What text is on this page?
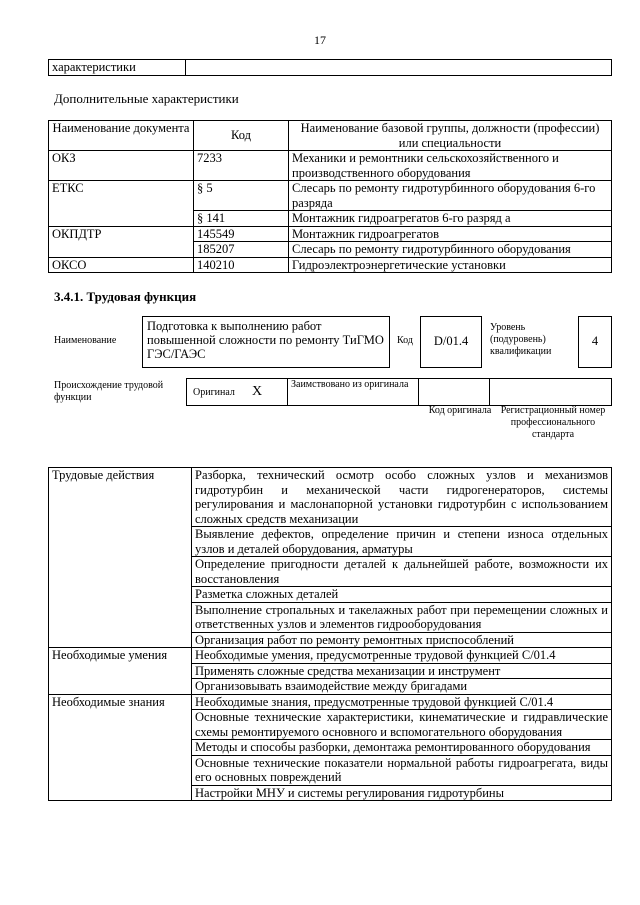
17
характеристики	
Дополнительные характеристики
Наименование документа	Код	Наименование базовой группы, должности (профессии) или специальности
ОКЗ	7233	Механики и ремонтники сельскохозяйственного и производственного оборудования
ЕТКС	§ 5	Слесарь по ремонту гидротурбинного оборудования 6-го разряда
	§ 141	Монтажник гидроагрегатов 6-го разряд а
ОКПДТР	145549	Монтажник гидроагрегатов
	185207	Слесарь по ремонту гидротурбинного оборудования
ОКСО	140210	Гидроэлектроэнергетические установки
3.4.1. Трудовая функция
Наименование
Подготовка к выполнению работ повышенной сложности по ремонту ТиГМО ГЭС/ГАЭС
Код	D/01.4
Уровень (подуровень) квалификации
4
Происхождение трудовой функции	Оригинал X	Заимствовано из оригинала		
Код оригинала Регистрационный номер профессионального стандарта
Трудовые действия	Разборка, технический осмотр особо сложных узлов и механизмов гидротурбин и механической части гидрогенераторов, системы регулирования и маслонапорной установки гидротурбин с использованием сложных средств механизации
	Выявление дефектов, определение причин и степени износа отдельных узлов и деталей оборудования, арматуры
	Определение пригодности деталей к дальнейшей работе, возможности их восстановления
	Разметка сложных деталей
	Выполнение стропальных и такелажных работ при перемещении сложных и ответственных узлов и элементов гидрооборудования
	Организация работ по ремонту ремонтных приспособлений
Необходимые умения	Необходимые умения, предусмотренные трудовой функцией С/01.4
	Применять сложные средства механизации и инструмент
	Организовывать взаимодействие между бригадами
Необходимые знания	Необходимые знания, предусмотренные трудовой функцией С/01.4
	Основные технические характеристики, кинематические и гидравлические схемы ремонтируемого основного и вспомогательного оборудования
	Методы и способы разборки, демонтажа ремонтированного оборудования
	Основные технические показатели нормальной работы гидроагрегата, виды его основных повреждений
	Настройки МНУ и системы регулирования гидротурбины
